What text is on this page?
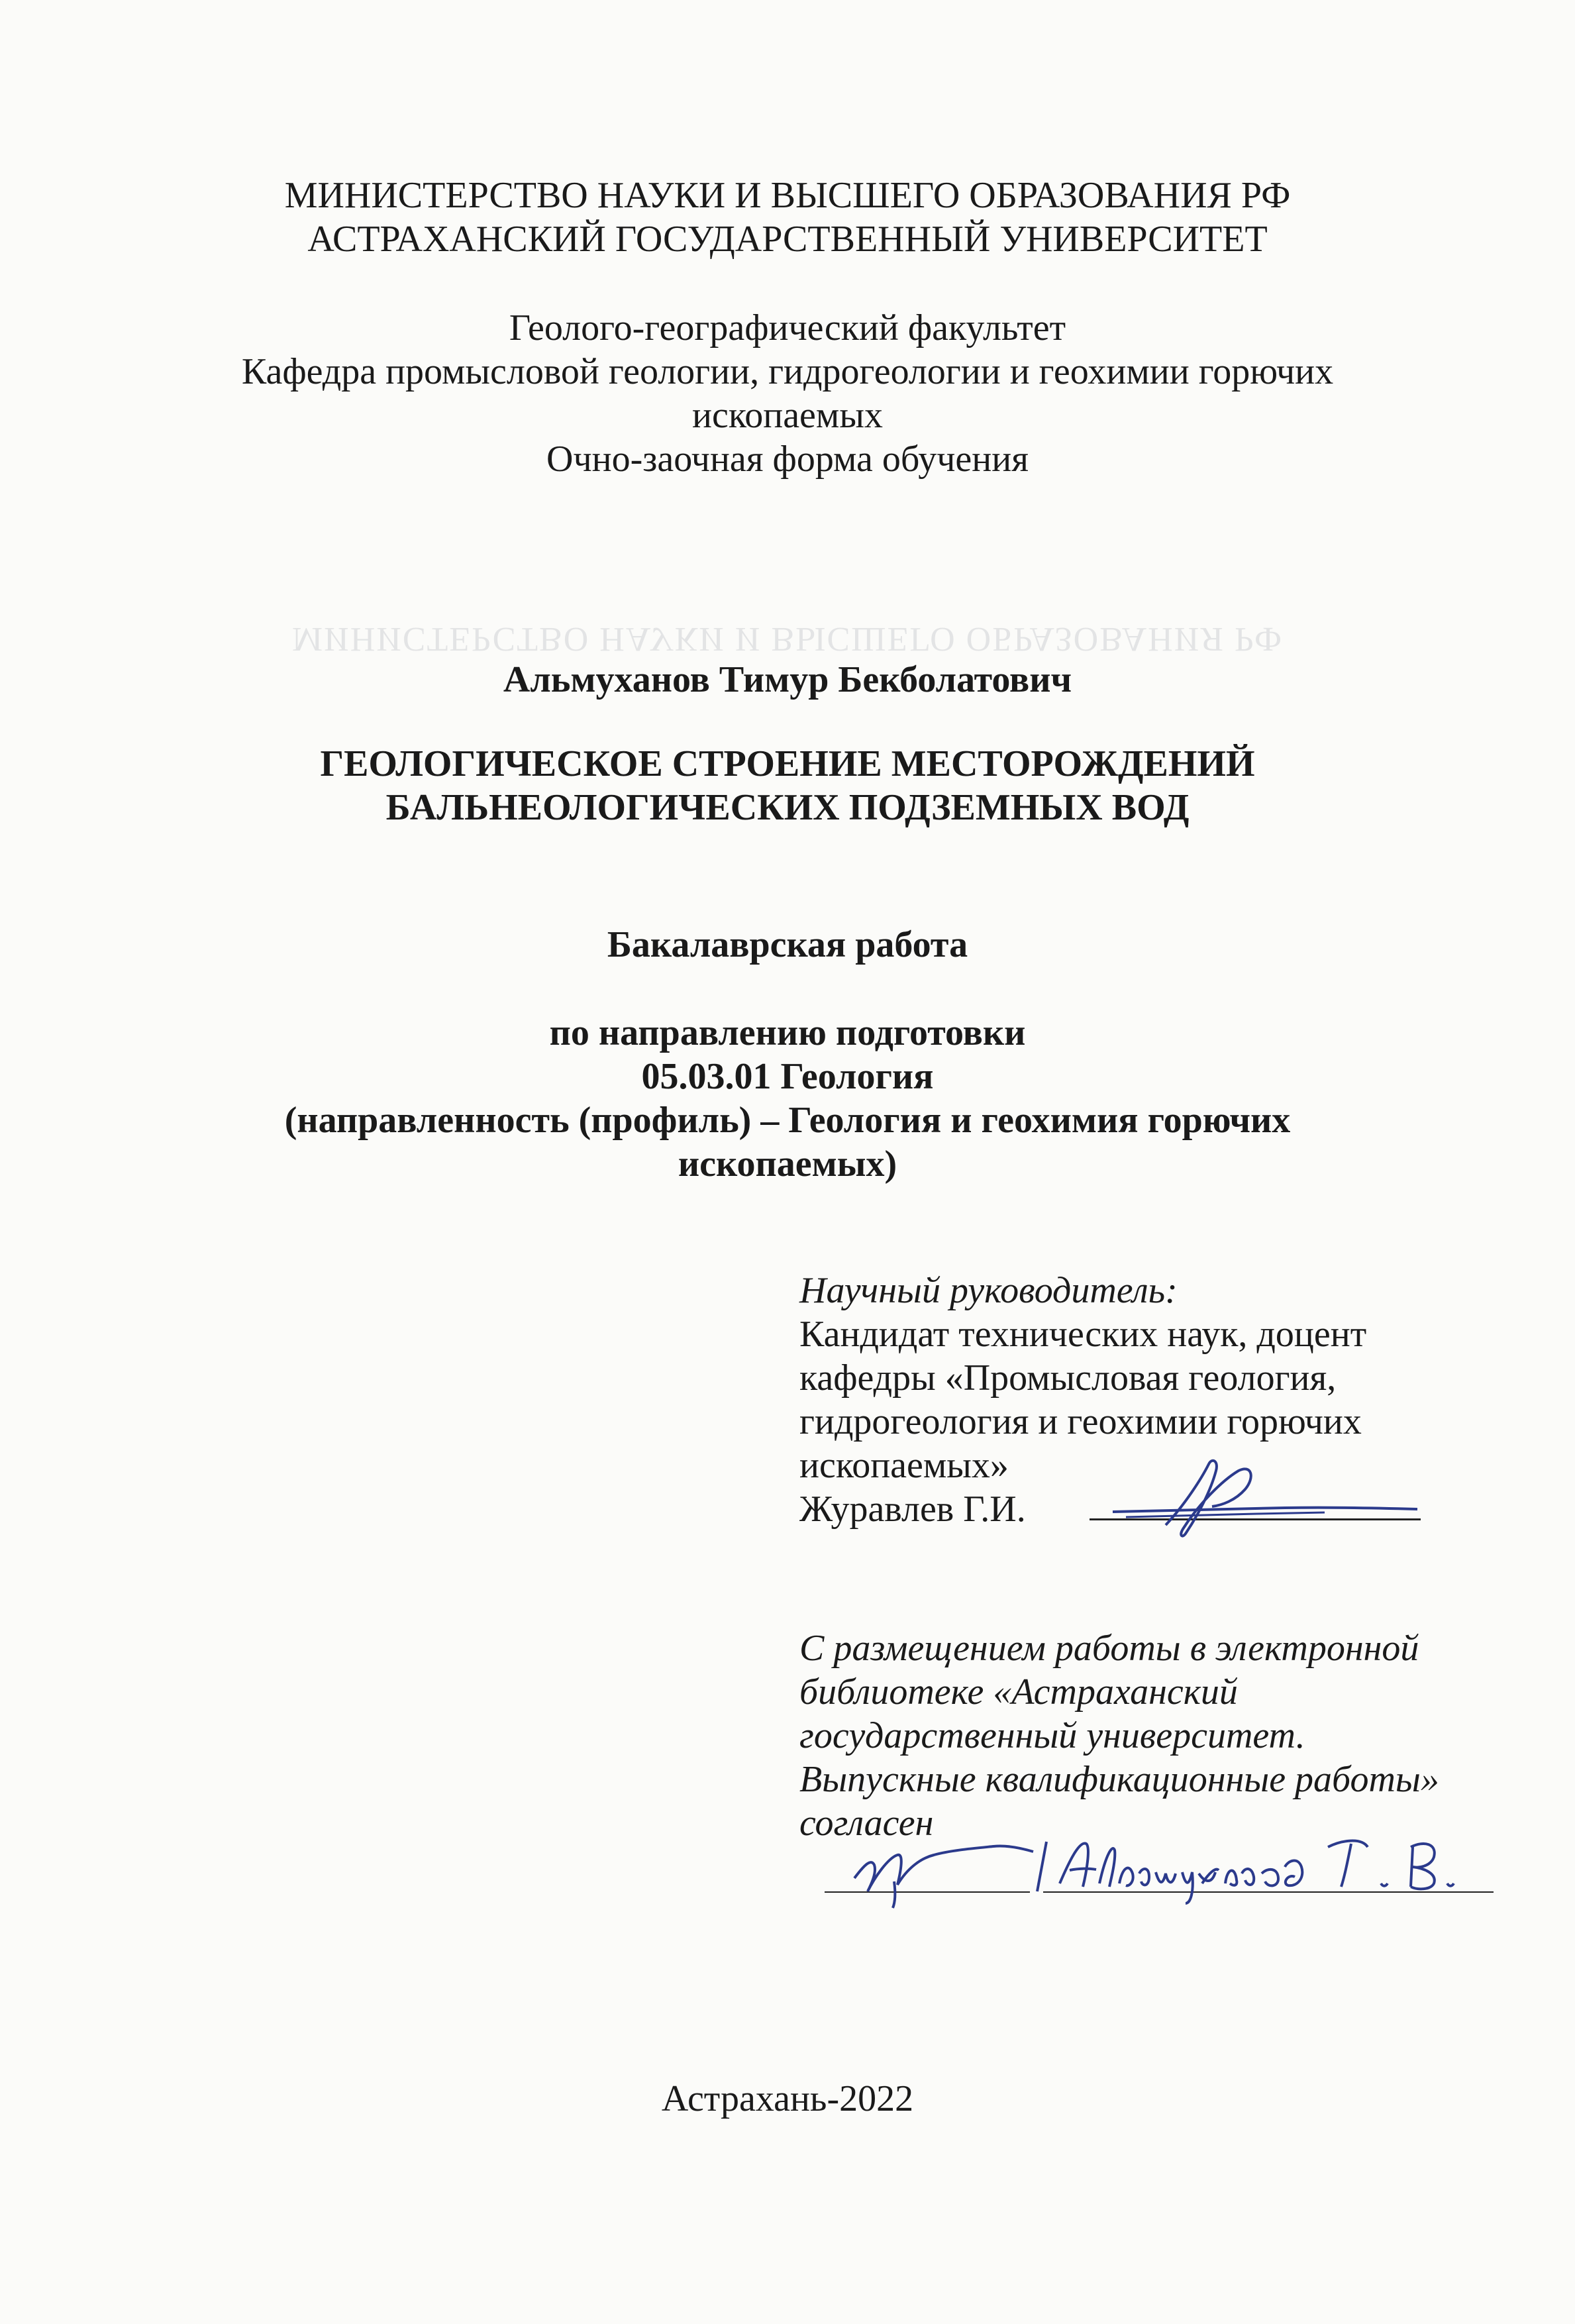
МИНИСТЕРСТВО НАУКИ И ВЫСШЕГО ОБРАЗОВАНИЯ РФ
АСТРАХАНСКИЙ ГОСУДАРСТВЕННЫЙ УНИВЕРСИТЕТ
Геолого-географический факультет
Кафедра промысловой геологии, гидрогеологии и геохимии горючих
ископаемых
Очно-заочная форма обучения
МИНИСТЕРСТВО НАУКИ И ВЫСШЕГО ОБРАЗОВАНИЯ РФ
Альмуханов Тимур Бекболатович
ГЕОЛОГИЧЕСКОЕ СТРОЕНИЕ МЕСТОРОЖДЕНИЙ
БАЛЬНЕОЛОГИЧЕСКИХ ПОДЗЕМНЫХ ВОД
Бакалаврская работа
по направлению подготовки
05.03.01 Геология
(направленность (профиль) – Геология и геохимия горючих
ископаемых)
Научный руководитель:
Кандидат технических наук, доцент
кафедры «Промысловая геология,
гидрогеология и геохимии горючих
ископаемых»
Журавлев Г.И.
С размещением работы в электронной
библиотеке «Астраханский
государственный университет.
Выпускные квалификационные работы»
согласен
Астрахань-2022
